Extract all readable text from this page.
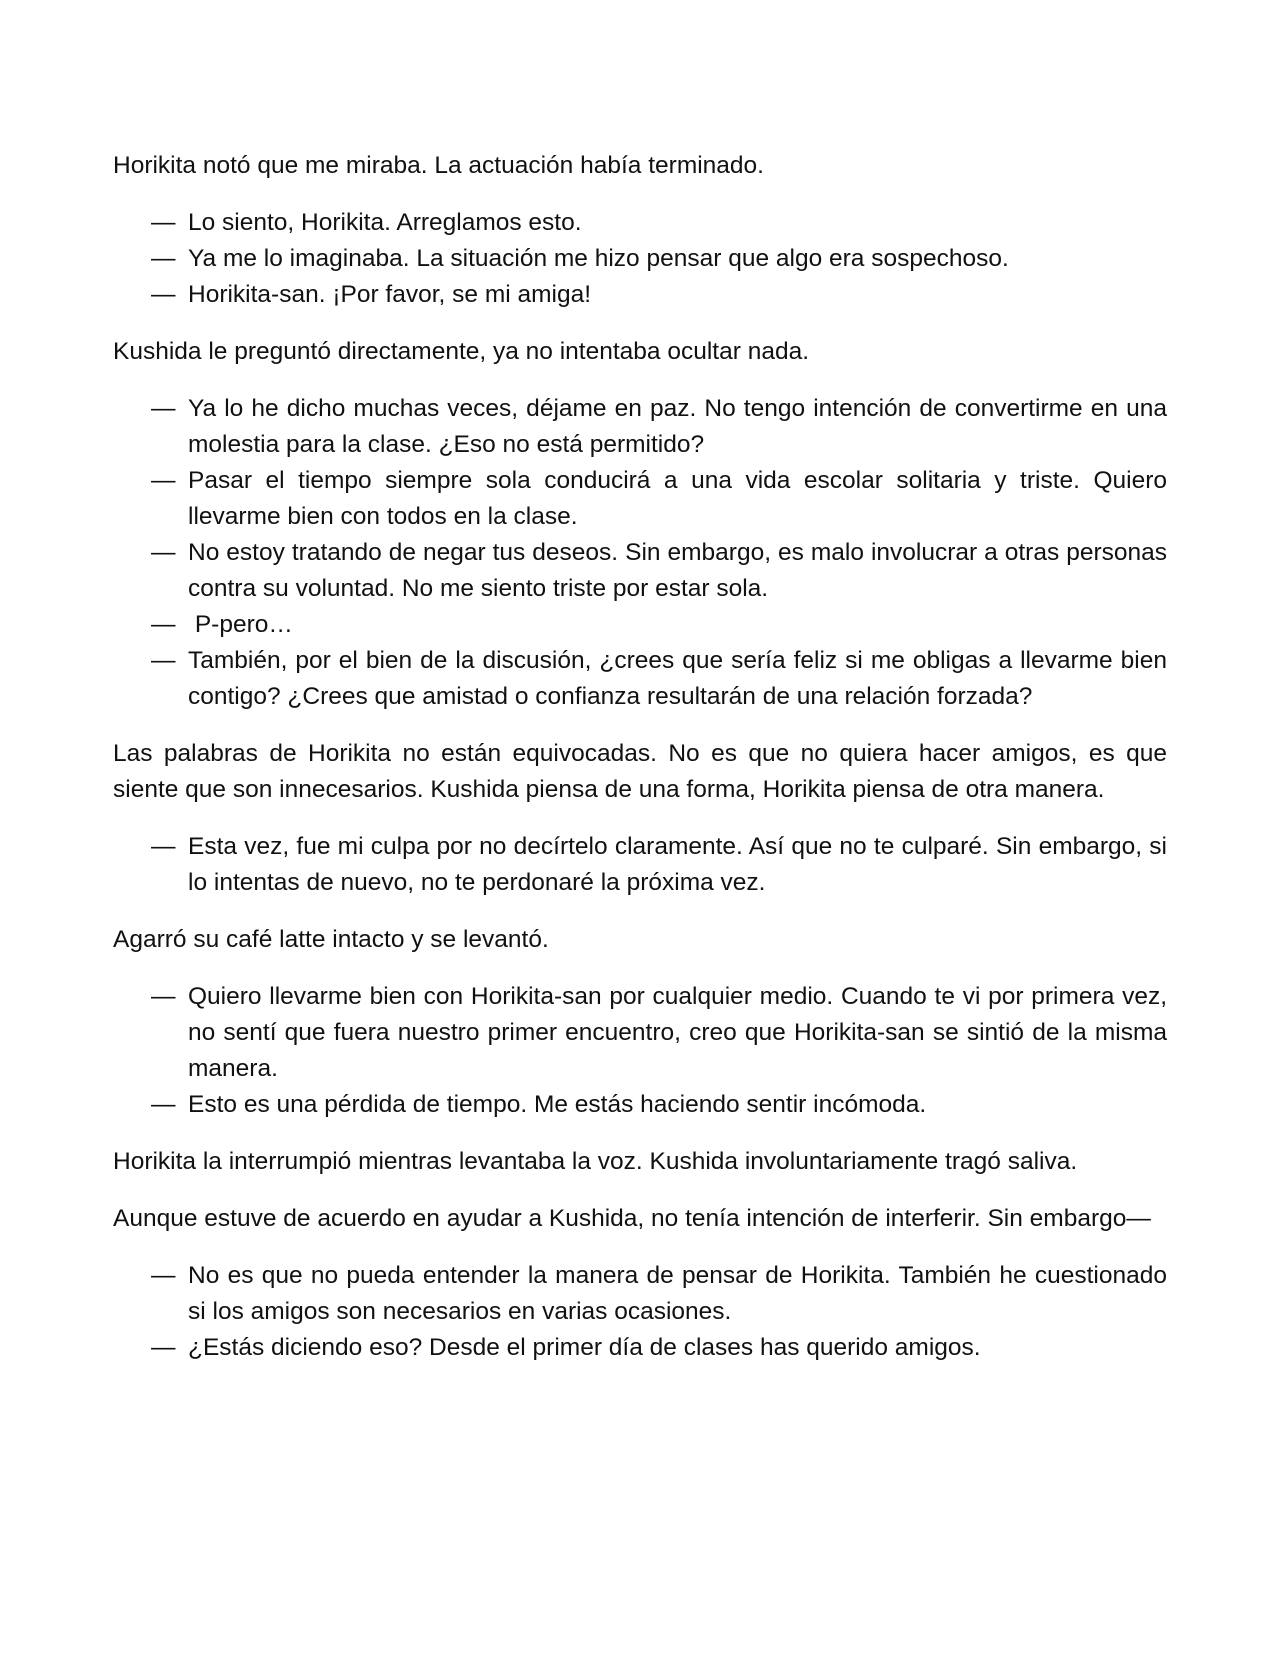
Horikita notó que me miraba. La actuación había terminado.

— Lo siento, Horikita. Arreglamos esto.
— Ya me lo imaginaba. La situación me hizo pensar que algo era sospechoso.
— Horikita-san. ¡Por favor, se mi amiga!

Kushida le preguntó directamente, ya no intentaba ocultar nada.

— Ya lo he dicho muchas veces, déjame en paz. No tengo intención de convertirme en una molestia para la clase. ¿Eso no está permitido?
— Pasar el tiempo siempre sola conducirá a una vida escolar solitaria y triste. Quiero llevarme bien con todos en la clase.
— No estoy tratando de negar tus deseos. Sin embargo, es malo involucrar a otras personas contra su voluntad. No me siento triste por estar sola.
— P-pero…
— También, por el bien de la discusión, ¿crees que sería feliz si me obligas a llevarme bien contigo? ¿Crees que amistad o confianza resultarán de una relación forzada?

Las palabras de Horikita no están equivocadas. No es que no quiera hacer amigos, es que siente que son innecesarios. Kushida piensa de una forma, Horikita piensa de otra manera.

— Esta vez, fue mi culpa por no decírtelo claramente. Así que no te culparé. Sin embargo, si lo intentas de nuevo, no te perdonaré la próxima vez.

Agarró su café latte intacto y se levantó.

— Quiero llevarme bien con Horikita-san por cualquier medio. Cuando te vi por primera vez, no sentí que fuera nuestro primer encuentro, creo que Horikita-san se sintió de la misma manera.
— Esto es una pérdida de tiempo. Me estás haciendo sentir incómoda.

Horikita la interrumpió mientras levantaba la voz. Kushida involuntariamente tragó saliva.

Aunque estuve de acuerdo en ayudar a Kushida, no tenía intención de interferir. Sin embargo—

— No es que no pueda entender la manera de pensar de Horikita. También he cuestionado si los amigos son necesarios en varias ocasiones.
— ¿Estás diciendo eso? Desde el primer día de clases has querido amigos.
